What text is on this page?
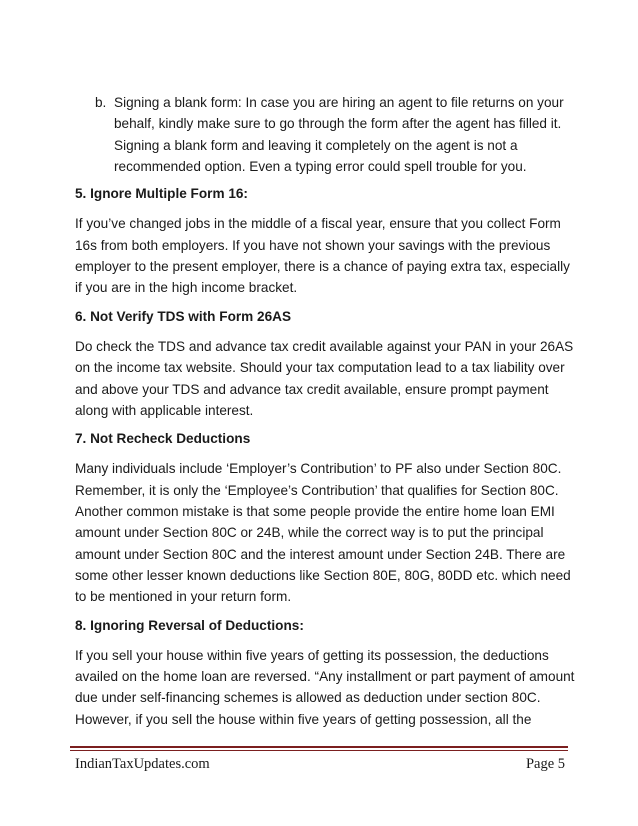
b. Signing a blank form: In case you are hiring an agent to file returns on your behalf, kindly make sure to go through the form after the agent has filled it. Signing a blank form and leaving it completely on the agent is not a recommended option. Even a typing error could spell trouble for you.
5. Ignore Multiple Form 16:

If you’ve changed jobs in the middle of a fiscal year, ensure that you collect Form 16s from both employers. If you have not shown your savings with the previous employer to the present employer, there is a chance of paying extra tax, especially if you are in the high income bracket.

6. Not Verify TDS with Form 26AS

Do check the TDS and advance tax credit available against your PAN in your 26AS on the income tax website. Should your tax computation lead to a tax liability over and above your TDS and advance tax credit available, ensure prompt payment along with applicable interest.

7. Not Recheck Deductions

Many individuals include ‘Employer’s Contribution’ to PF also under Section 80C. Remember, it is only the ‘Employee’s Contribution’ that qualifies for Section 80C. Another common mistake is that some people provide the entire home loan EMI amount under Section 80C or 24B, while the correct way is to put the principal amount under Section 80C and the interest amount under Section 24B. There are some other lesser known deductions like Section 80E, 80G, 80DD etc. which need to be mentioned in your return form.

8. Ignoring Reversal of Deductions:

If you sell your house within five years of getting its possession, the deductions availed on the home loan are reversed. “Any installment or part payment of amount due under self-financing schemes is allowed as deduction under section 80C. However, if you sell the house within five years of getting possession, all the

IndianTaxUpdates.com	Page 5
